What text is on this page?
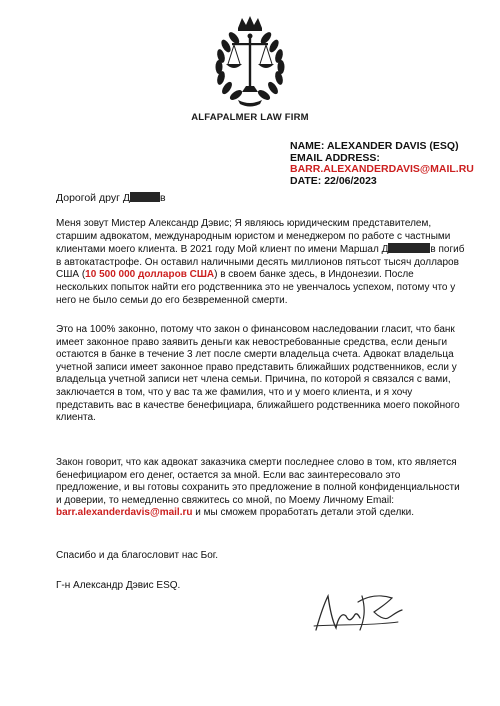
ALFAPALMER LAW FIRM
NAME: ALEXANDER DAVIS (ESQ)
EMAIL ADDRESS:
BARR.ALEXANDERDAVIS@MAIL.RU
DATE: 22/06/2023
Дорогой друг Д	в
Меня зовут Мистер Александр Дэвис; Я являюсь юридическим представителем, старшим адвокатом, международным юристом и менеджером по работе с частными клиентами моего клиента. В 2021 году Мой клиент по имени Маршал Д	в погиб в автокатастрофе. Он оставил наличными десять миллионов пятьсот тысяч долларов США (10 500 000 долларов США) в своем банке здесь, в Индонезии. После нескольких попыток найти его родственника это не увенчалось успехом, потому что у него не было семьи до его безвременной смерти.
Это на 100% законно, потому что закон о финансовом наследовании гласит, что банк имеет законное право заявить деньги как невостребованные средства, если деньги остаются в банке в течение 3 лет после смерти владельца счета. Адвокат владельца учетной записи имеет законное право представить ближайших родственников, если у владельца учетной записи нет члена семьи. Причина, по которой я связался с вами, заключается в том, что у вас та же фамилия, что и у моего клиента, и я хочу представить вас в качестве бенефициара, ближайшего родственника моего покойного клиента.
Закон говорит, что как адвокат заказчика смерти последнее слово в том, кто является бенефициаром его денег, остается за мной. Если вас заинтересовало это предложение, и вы готовы сохранить это предложение в полной конфиденциальности и доверии, то немедленно свяжитесь со мной, по Моему Личному Email: barr.alexanderdavis@mail.ru и мы сможем проработать детали этой сделки.
Спасибо и да благословит нас Бог.
Г-н Александр Дэвис ESQ.
